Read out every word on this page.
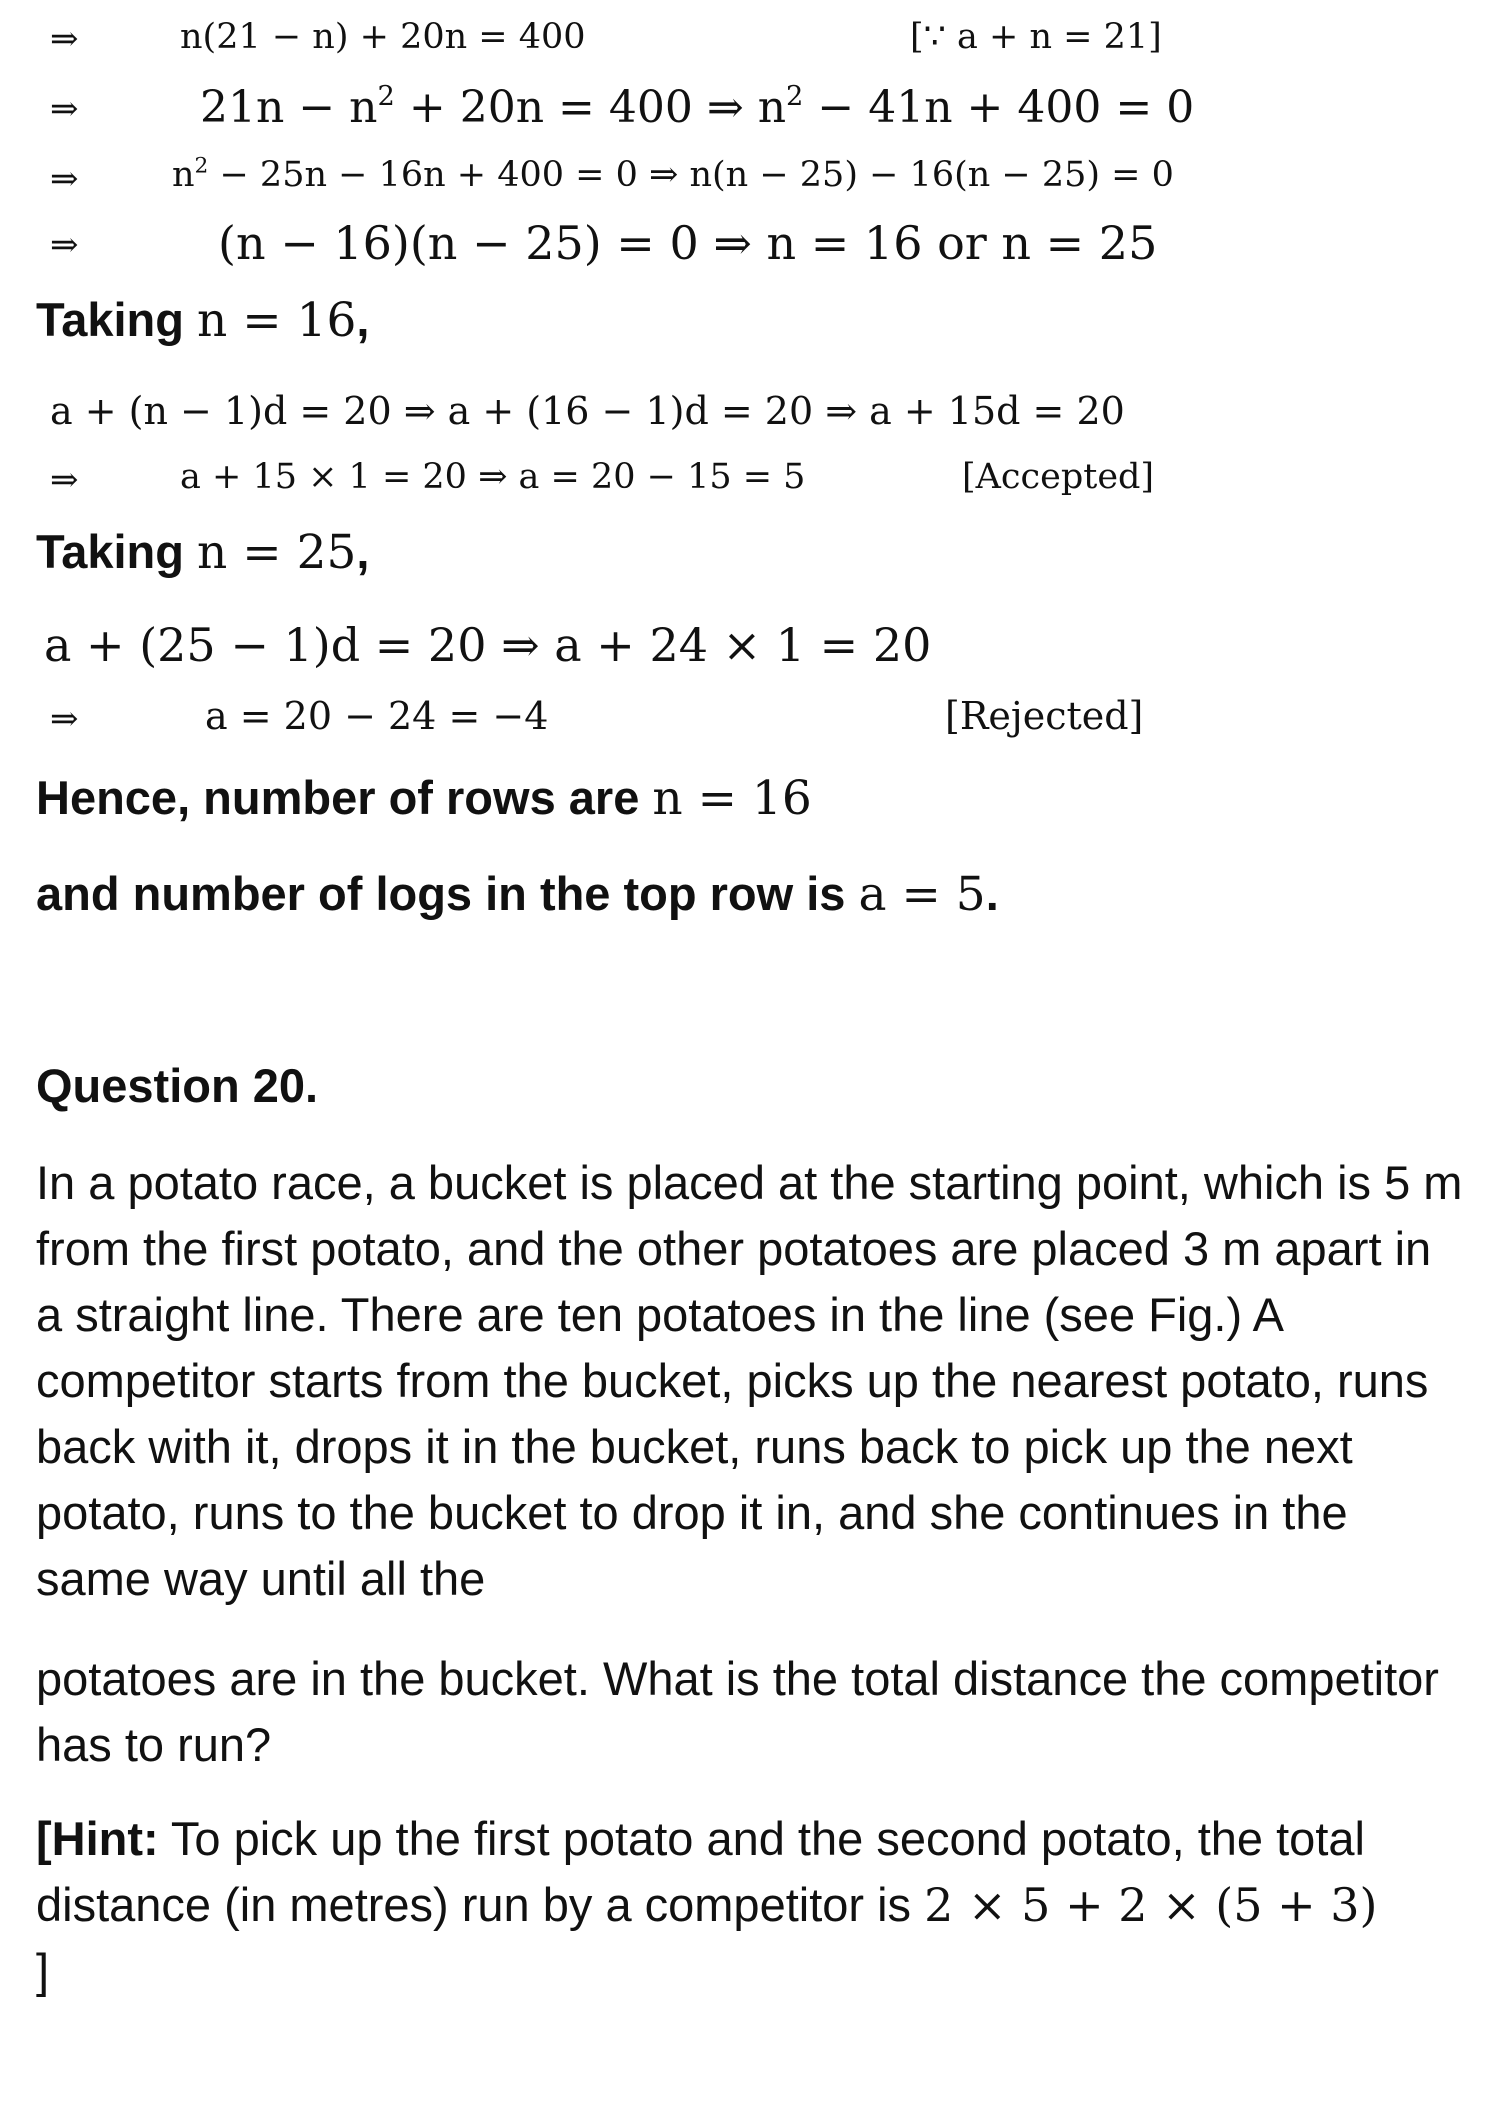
⇒	n(21 − n) + 20n = 400	[∵ a + n = 21]
⇒	$21n - n^2 + 20n = 400$ ⇒ $n^2 - 41n + 400 = 0$
⇒	$n^2 - 25n - 16n + 400 = 0$ ⇒ n(n − 25) − 16(n − 25) = 0
⇒	(n − 16)(n − 25) = 0 ⇒ n = 16 or n = 25
Taking n = 16,
a + (n − 1)d = 20 ⇒ a + (16 − 1)d = 20 ⇒ a + 15d = 20
⇒	a + 15 × 1 = 20 ⇒ a = 20 − 15 = 5	[Accepted]
Taking n = 25,
a + (25 − 1)d = 20 ⇒ a + 24 × 1 = 20
⇒	a = 20 − 24 = −4	[Rejected]
Hence, number of rows are n = 16
and number of logs in the top row is a = 5.
Question 20.
In a potato race, a bucket is placed at the starting point, which is 5 m from the first potato, and the other potatoes are placed 3 m apart in a straight line. There are ten potatoes in the line (see Fig.) A competitor starts from the bucket, picks up the nearest potato, runs back with it, drops it in the bucket, runs back to pick up the next potato, runs to the bucket to drop it in, and she continues in the same way until all the
potatoes are in the bucket. What is the total distance the competitor has to run?
[Hint: To pick up the first potato and the second potato, the total distance (in metres) run by a competitor is 2 × 5 + 2 × (5 + 3)
]
